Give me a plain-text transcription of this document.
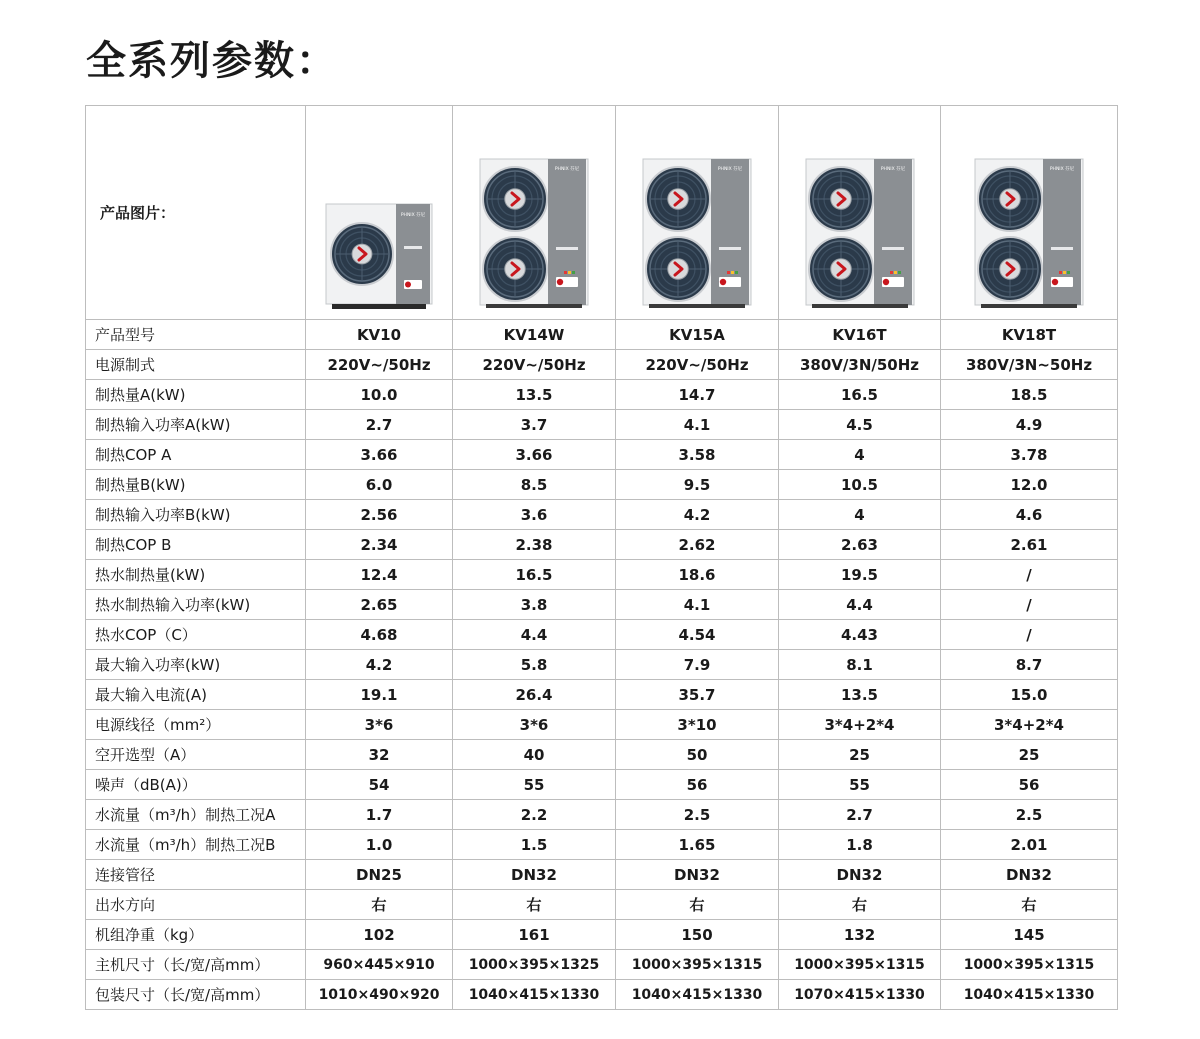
全系列参数：
产品图片：	PHNIX 芬尼	PHNIX 芬尼	PHNIX 芬尼	PHNIX 芬尼	PHNIX 芬尼

产品型号	KV10	KV14W	KV15A	KV16T	KV18T
电源制式	220V~/50Hz	220V~/50Hz	220V~/50Hz	380V/3N/50Hz	380V/3N~50Hz
制热量A(kW)	10.0	13.5	14.7	16.5	18.5
制热输入功率A(kW)	2.7	3.7	4.1	4.5	4.9
制热COP A	3.66	3.66	3.58	4	3.78
制热量B(kW)	6.0	8.5	9.5	10.5	12.0
制热输入功率B(kW)	2.56	3.6	4.2	4	4.6
制热COP B	2.34	2.38	2.62	2.63	2.61
热水制热量(kW)	12.4	16.5	18.6	19.5	/
热水制热输入功率(kW)	2.65	3.8	4.1	4.4	/
热水COP（C）	4.68	4.4	4.54	4.43	/
最大输入功率(kW)	4.2	5.8	7.9	8.1	8.7
最大输入电流(A)	19.1	26.4	35.7	13.5	15.0
电源线径（mm²）	3*6	3*6	3*10	3*4+2*4	3*4+2*4
空开选型（A）	32	40	50	25	25
噪声（dB(A)）	54	55	56	55	56
水流量（m³/h）制热工况A	1.7	2.2	2.5	2.7	2.5
水流量（m³/h）制热工况B	1.0	1.5	1.65	1.8	2.01
连接管径	DN25	DN32	DN32	DN32	DN32
出水方向	右	右	右	右	右
机组净重（kg）	102	161	150	132	145
主机尺寸（长/宽/高mm）	960×445×910	1000×395×1325	1000×395×1315	1000×395×1315	1000×395×1315
包装尺寸（长/宽/高mm）	1010×490×920	1040×415×1330	1040×415×1330	1070×415×1330	1040×415×1330
